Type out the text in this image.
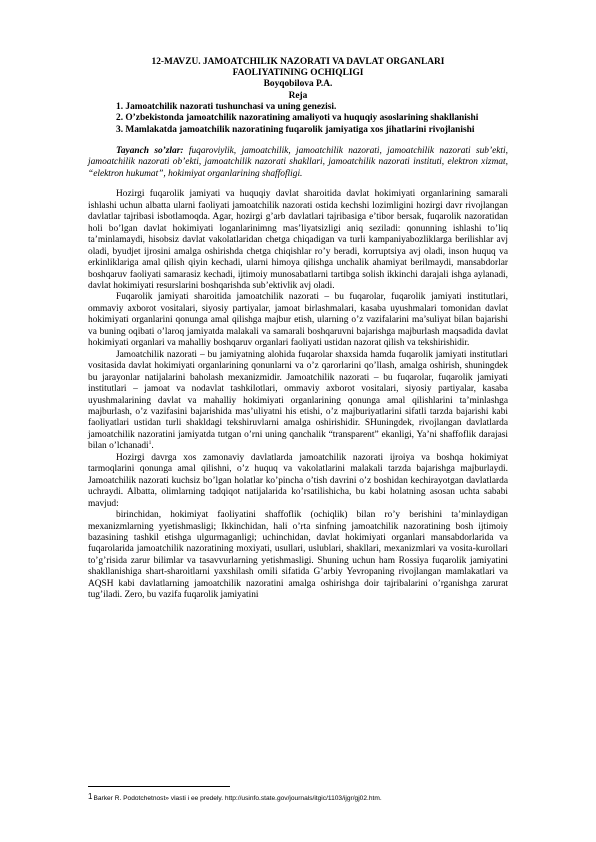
12-MAVZU. JAMOATCHILIK NAZORATI VA DAVLAT ORGANLARI

FAOLIYATINING OCHIQLIGI

Boyqobilova P.A.

Reja

1. Jamoatchilik nazorati tushunchasi va uning genezisi.
2. O’zbekistonda jamoatchilik nazoratining amaliyoti va huquqiy asoslarining shakllanishi
3. Mamlakatda jamoatchilik nazoratining fuqarolik jamiyatiga xos jihatlarini rivojlanishi

Tayanch so’zlar: fuqaroviylik, jamoatchilik, jamoatchilik nazorati, jamoatchilik nazorati sub’ekti, jamoatchilik nazorati ob’ekti, jamoatchilik nazorati shakllari, jamoatchilik nazorati instituti, elektron xizmat, “elektron hukumat”, hokimiyat organlarining shaffofligi.

Hozirgi fuqarolik jamiyati va huquqiy davlat sharoitida davlat hokimiyati organlarining samarali ishlashi uchun albatta ularni faoliyati jamoatchilik nazorati ostida kechshi lozimligini hozirgi davr rivojlangan davlatlar tajribasi isbotlamoqda. Agar, hozirgi g’arb davlatlari tajribasiga e’tibor bersak, fuqarolik nazoratidan holi bo’lgan davlat hokimiyati loganlarinimng mas’liyatsizligi aniq seziladi: qonunning ishlashi to’liq ta’minlamaydi, hisobsiz davlat vakolatlaridan chetga chiqadigan va turli kampaniyabozliklarga berilishlar avj oladi, byudjet ijrosini amalga oshirishda chetga chiqishlar ro’y beradi, korruptsiya avj oladi, inson huquq va erkinliklariga amal qilish qiyin kechadi, ularni himoya qilishga unchalik ahamiyat berilmaydi, mansabdorlar boshqaruv faoliyati samarasiz kechadi, ijtimoiy munosabatlarni tartibga solish ikkinchi darajali ishga aylanadi, davlat hokimiyati resurslarini boshqarishda sub’ektivlik avj oladi.

Fuqarolik jamiyati sharoitida jamoatchilik nazorati – bu fuqarolar, fuqarolik jamiyati institutlari, ommaviy axborot vositalari, siyosiy partiyalar, jamoat birlashmalari, kasaba uyushmalari tomonidan davlat hokimiyati organlarini qonunga amal qilishga majbur etish, ularning o’z vazifalarini ma’suliyat bilan bajarishi va buning oqibati o’laroq jamiyatda malakali va samarali boshqaruvni bajarishga majburlash maqsadida davlat hokimiyati organlari va mahalliy boshqaruv organlari faoliyati ustidan nazorat qilish va tekshirishidir.

Jamoatchilik nazorati – bu jamiyatning alohida fuqarolar shaxsida hamda fuqarolik jamiyati institutlari vositasida davlat hokimiyati organlarining qonunlarni va o’z qarorlarini qo’llash, amalga oshirish, shuningdek bu jarayonlar natijalarini baholash mexanizmidir. Jamoatchilik nazorati – bu fuqarolar, fuqarolik jamiyati institutlari – jamoat va nodavlat tashkilotlari, ommaviy axborot vositalari, siyosiy partiyalar, kasaba uyushmalarining davlat va mahalliy hokimiyati organlarining qonunga amal qilishlarini ta’minlashga majburlash, o’z vazifasini bajarishida mas’uliyatni his etishi, o’z majburiyatlarini sifatli tarzda bajarishi kabi faoliyatlari ustidan turli shakldagi tekshiruvlarni amalga oshirishidir. SHuningdek, rivojlangan davlatlarda jamoatchilik nazoratini jamiyatda tutgan o’rni uning qanchalik “transparent” ekanligi, Ya’ni shaffoflik darajasi bilan o’lchanadi$^1$.

Hozirgi davrga xos zamonaviy davlatlarda jamoatchilik nazorati ijroiya va boshqa hokimiyat tarmoqlarini qonunga amal qilishni, o’z huquq va vakolatlarini malakali tarzda bajarishga majburlaydi. Jamoatchilik nazorati kuchsiz bo’lgan holatlar ko’pincha o’tish davrini o’z boshidan kechirayotgan davlatlarda uchraydi. Albatta, olimlarning tadqiqot natijalarida ko’rsatilishicha, bu kabi holatning asosan uchta sababi mavjud:

birinchidan, hokimiyat faoliyatini shaffoflik (ochiqlik) bilan ro’y berishini ta’minlaydigan mexanizmlarning yyetishmasligi; Ikkinchidan, hali o’rta sinfning jamoatchilik nazoratining bosh ijtimoiy bazasining tashkil etishga ulgurmaganligi; uchinchidan, davlat hokimiyati organlari mansabdorlarida va fuqarolarida jamoatchilik nazoratining moxiyati, usullari, uslublari, shakllari, mexanizmlari va vosita-kurollari to’g’risida zarur bilimlar va tasavvurlarning yetishmasligi. Shuning uchun ham Rossiya fuqarolik jamiyatini shakllanishiga shart-sharoitlarni yaxshilash omili sifatida G’arbiy Yevropaning rivojlangan mamlakatlari va AQSH kabi davlatlarning jamoatchilik nazoratini amalga oshirishga doir tajribalarini o’rganishga zarurat tug’iladi. Zero, bu vazifa fuqarolik jamiyatini

1Barker R. Podotchetnost» vlasti i ee predely. http://usinfo.state.gov/journals/itgic/1103/ijgr/gj02.htm.
